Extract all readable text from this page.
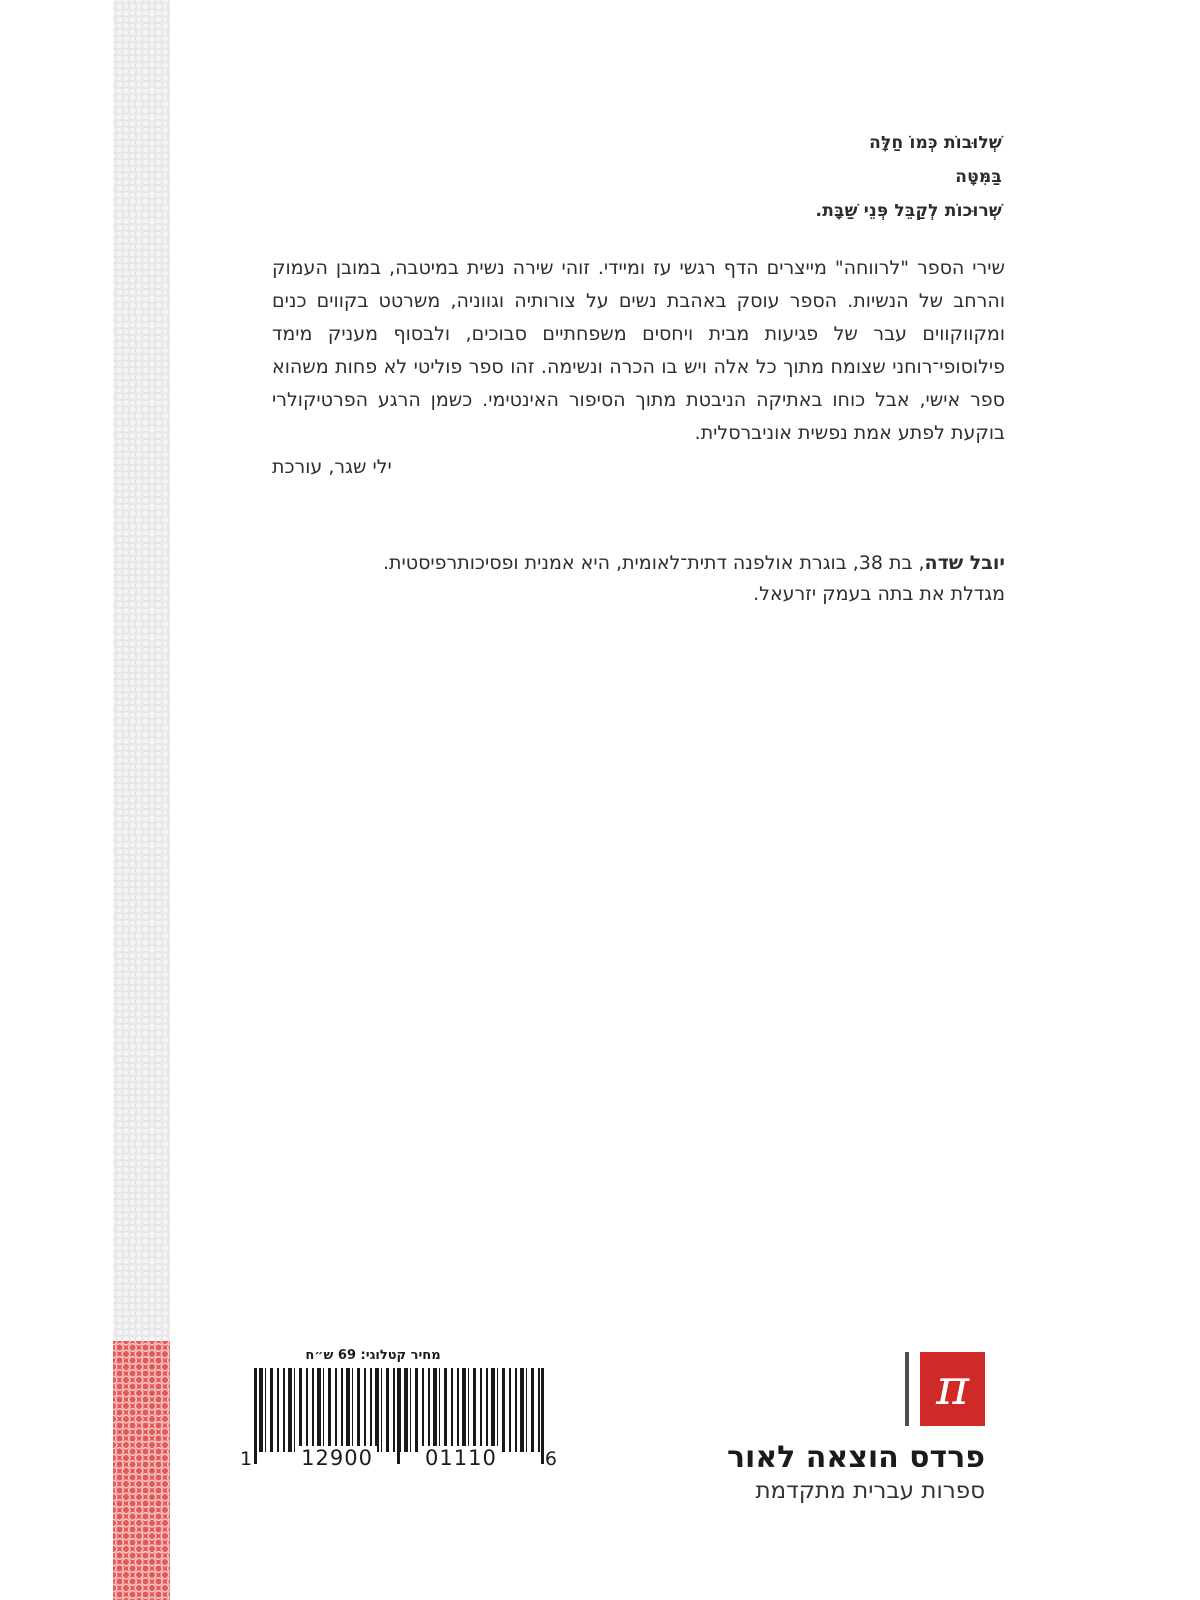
שְׁלוּבוֹת כְּמוֹ חַלָּה
בַּמִּטָּה
שְׁרוּכוֹת לְקַבֵּל פְּנֵי שַׁבָּת.
שירי הספר "לרווחה" מייצרים הדף רגשי עז ומיידי. זוהי שירה נשית במיטבה, במובן העמוק והרחב של הנשיות. הספר עוסק באהבת נשים על צורותיה וגווניה, משרטט בקווים כנים ומקווקווים עבר של פגיעות מבית ויחסים משפחתיים סבוכים, ולבסוף מעניק מימד פילוסופי־רוחני שצומח מתוך כל אלה ויש בו הכרה ונשימה. זהו ספר פוליטי לא פחות משהוא ספר אישי, אבל כוחו באתיקה הניבטת מתוך הסיפור האינטימי. כשמן הרגע הפרטיקולרי בוקעת לפתע אמת נפשית אוניברסלית.
ילי שגר, עורכת
יובל שדה, בת 38, בוגרת אולפנה דתית־לאומית, היא אמנית ופסיכותרפיסטית.
מגדלת את בתה בעמק יזרעאל.
מחיר קטלוגי: 69 ש״ח
1 12900 01110	6
π
פרדס הוצאה לאור
ספרות עברית מתקדמת
